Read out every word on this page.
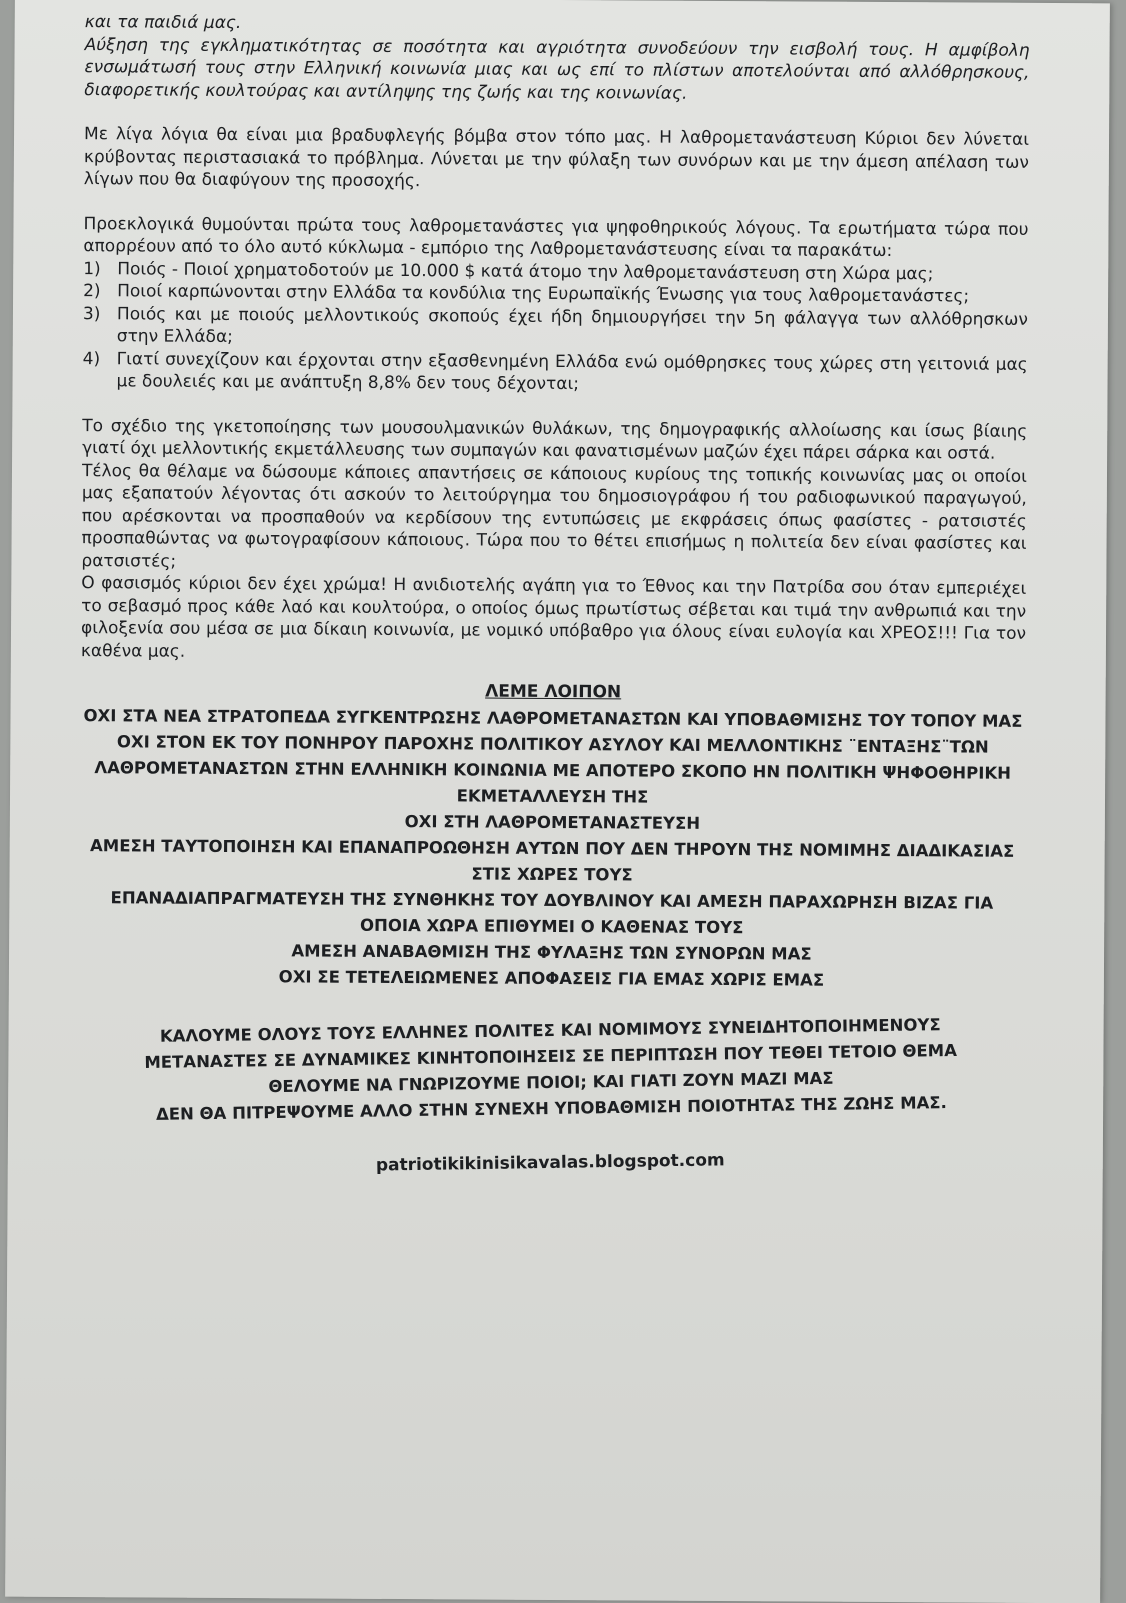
και τα παιδιά μας.

Αύξηση της εγκληματικότητας σε ποσότητα και αγριότητα συνοδεύουν την εισβολή τους. Η αμφίβολη ενσωμάτωσή τους στην Ελληνική κοινωνία μιας και ως επί το πλίστων αποτελούνται από αλλόθρησκους, διαφορετικής κουλτούρας και αντίληψης της ζωής και της κοινωνίας.

Με λίγα λόγια θα είναι μια βραδυφλεγής βόμβα στον τόπο μας. Η λαθρομετανάστευση Κύριοι δεν λύνεται κρύβοντας περιστασιακά το πρόβλημα. Λύνεται με την φύλαξη των συνόρων και με την άμεση απέλαση των λίγων που θα διαφύγουν της προσοχής.

Προεκλογικά θυμούνται πρώτα τους λαθρομετανάστες για ψηφοθηρικούς λόγους. Τα ερωτήματα τώρα που απορρέουν από το όλο αυτό κύκλωμα - εμπόριο της Λαθρομετανάστευσης είναι τα παρακάτω:

1) Ποιός - Ποιοί χρηματοδοτούν με 10.000 $ κατά άτομο την λαθρομετανάστευση στη Χώρα μας;
2) Ποιοί καρπώνονται στην Ελλάδα τα κονδύλια της Ευρωπαϊκής Ένωσης για τους λαθρομετανάστες;
3) Ποιός και με ποιούς μελλοντικούς σκοπούς έχει ήδη δημιουργήσει την 5η φάλαγγα των αλλόθρησκων στην Ελλάδα;
4) Γιατί συνεχίζουν και έρχονται στην εξασθενημένη Ελλάδα ενώ ομόθρησκες τους χώρες στη γειτονιά μας με δουλειές και με ανάπτυξη 8,8% δεν τους δέχονται;

Το σχέδιο της γκετοποίησης των μουσουλμανικών θυλάκων, της δημογραφικής αλλοίωσης και ίσως βίαιης γιατί όχι μελλοντικής εκμετάλλευσης των συμπαγών και φανατισμένων μαζών έχει πάρει σάρκα και οστά.

Τέλος θα θέλαμε να δώσουμε κάποιες απαντήσεις σε κάποιους κυρίους της τοπικής κοινωνίας μας οι οποίοι μας εξαπατούν λέγοντας ότι ασκούν το λειτούργημα του δημοσιογράφου ή του ραδιοφωνικού παραγωγού, που αρέσκονται να προσπαθούν να κερδίσουν της εντυπώσεις με εκφράσεις όπως φασίστες - ρατσιστές προσπαθώντας να φωτογραφίσουν κάποιους. Τώρα που το θέτει επισήμως η πολιτεία δεν είναι φασίστες και ρατσιστές;

Ο φασισμός κύριοι δεν έχει χρώμα! Η ανιδιοτελής αγάπη για το Έθνος και την Πατρίδα σου όταν εμπεριέχει το σεβασμό προς κάθε λαό και κουλτούρα, ο οποίος όμως πρωτίστως σέβεται και τιμά την ανθρωπιά και την φιλοξενία σου μέσα σε μια δίκαιη κοινωνία, με νομικό υπόβαθρο για όλους είναι ευλογία και ΧΡΕΟΣ!!! Για τον καθένα μας.

ΛΕΜΕ ΛΟΙΠΟΝ
ΟΧΙ ΣΤΑ ΝΕΑ ΣΤΡΑΤΟΠΕΔΑ ΣΥΓΚΕΝΤΡΩΣΗΣ ΛΑΘΡΟΜΕΤΑΝΑΣΤΩΝ ΚΑΙ ΥΠΟΒΑΘΜΙΣΗΣ ΤΟΥ ΤΟΠΟΥ ΜΑΣ
ΟΧΙ ΣΤΟΝ ΕΚ ΤΟΥ ΠΟΝΗΡΟΥ ΠΑΡΟΧΗΣ ΠΟΛΙΤΙΚΟΥ ΑΣΥΛΟΥ ΚΑΙ ΜΕΛΛΟΝΤΙΚΗΣ ¨ΕΝΤΑΞΗΣ¨ΤΩΝ ΛΑΘΡΟΜΕΤΑΝΑΣΤΩΝ ΣΤΗΝ ΕΛΛΗΝΙΚΗ ΚΟΙΝΩΝΙΑ ΜΕ ΑΠΟΤΕΡΟ ΣΚΟΠΟ ΗΝ ΠΟΛΙΤΙΚΗ ΨΗΦΟΘΗΡΙΚΗ ΕΚΜΕΤΑΛΛΕΥΣΗ ΤΗΣ
ΟΧΙ ΣΤΗ ΛΑΘΡΟΜΕΤΑΝΑΣΤΕΥΣΗ
ΑΜΕΣΗ ΤΑΥΤΟΠΟΙΗΣΗ ΚΑΙ ΕΠΑΝΑΠΡΟΩΘΗΣΗ ΑΥΤΩΝ ΠΟΥ ΔΕΝ ΤΗΡΟΥΝ ΤΗΣ ΝΟΜΙΜΗΣ ΔΙΑΔΙΚΑΣΙΑΣ ΣΤΙΣ ΧΩΡΕΣ ΤΟΥΣ
ΕΠΑΝΑΔΙΑΠΡΑΓΜΑΤΕΥΣΗ ΤΗΣ ΣΥΝΘΗΚΗΣ ΤΟΥ ΔΟΥΒΛΙΝΟΥ ΚΑΙ ΑΜΕΣΗ ΠΑΡΑΧΩΡΗΣΗ ΒΙΖΑΣ ΓΙΑ ΟΠΟΙΑ ΧΩΡΑ ΕΠΙΘΥΜΕΙ Ο ΚΑΘΕΝΑΣ ΤΟΥΣ
ΑΜΕΣΗ ΑΝΑΒΑΘΜΙΣΗ ΤΗΣ ΦΥΛΑΞΗΣ ΤΩΝ ΣΥΝΟΡΩΝ ΜΑΣ
ΟΧΙ ΣΕ ΤΕΤΕΛΕΙΩΜΕΝΕΣ ΑΠΟΦΑΣΕΙΣ ΓΙΑ ΕΜΑΣ ΧΩΡΙΣ ΕΜΑΣ
ΚΑΛΟΥΜΕ ΟΛΟΥΣ ΤΟΥΣ ΕΛΛΗΝΕΣ ΠΟΛΙΤΕΣ ΚΑΙ ΝΟΜΙΜΟΥΣ ΣΥΝΕΙΔΗΤΟΠΟΙΗΜΕΝΟΥΣ
ΜΕΤΑΝΑΣΤΕΣ ΣΕ ΔΥΝΑΜΙΚΕΣ ΚΙΝΗΤΟΠΟΙΗΣΕΙΣ ΣΕ ΠΕΡΙΠΤΩΣΗ ΠΟΥ ΤΕΘΕΙ ΤΕΤΟΙΟ ΘΕΜΑ
ΘΕΛΟΥΜΕ ΝΑ ΓΝΩΡΙΖΟΥΜΕ ΠΟΙΟΙ; ΚΑΙ ΓΙΑΤΙ ΖΟΥΝ ΜΑΖΙ ΜΑΣ
ΔΕΝ ΘΑ ΠΙΤΡΕΨΟΥΜΕ ΑΛΛΟ ΣΤΗΝ ΣΥΝΕΧΗ ΥΠΟΒΑΘΜΙΣΗ ΠΟΙΟΤΗΤΑΣ ΤΗΣ ΖΩΗΣ ΜΑΣ.
patriotikikinisikavalas.blogspot.com
